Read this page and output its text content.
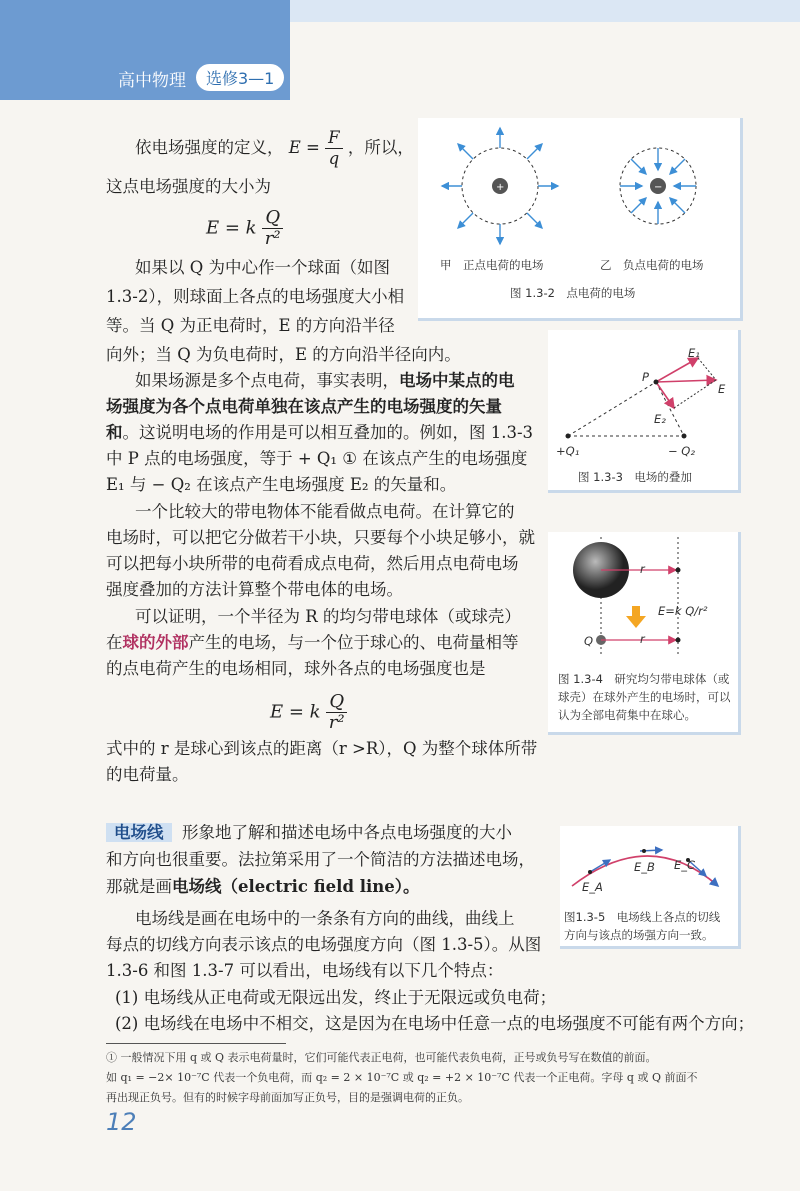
高中物理	选修3—1
依电场强度的定义， $E = \frac{F}{q}$ ，所以，
这点电场强度的大小为
E = k $\frac{Q}{\text{r²}}$
如果以 Q 为中心作一个球面（如图
1.3-2），则球面上各点的电场强度大小相
等。当 Q 为正电荷时，E 的方向沿半径
向外；当 Q 为负电荷时，E 的方向沿半径向内。
如果场源是多个点电荷，事实表明，电场中某点的电
场强度为各个点电荷单独在该点产生的电场强度的矢量
和。这说明电场的作用是可以相互叠加的。例如，图 1.3-3
中 P 点的电场强度，等于 + Q₁ ① 在该点产生的电场强度
E₁ 与 − Q₂ 在该点产生电场强度 E₂ 的矢量和。
一个比较大的带电物体不能看做点电荷。在计算它的
电场时，可以把它分做若干小块，只要每个小块足够小，就
可以把每小块所带的电荷看成点电荷，然后用点电荷电场
强度叠加的方法计算整个带电体的电场。
可以证明，一个半径为 R 的均匀带电球体（或球壳）
在球的外部产生的电场，与一个位于球心的、电荷量相等
的点电荷产生的电场相同，球外各点的电场强度也是
E = k $\frac{Q}{\text{r²}}$
式中的 r 是球心到该点的距离（r >R），Q 为整个球体所带
的电荷量。
电场线 形象地了解和描述电场中各点电场强度的大小
和方向也很重要。法拉第采用了一个简洁的方法描述电场，
那就是画电场线（electric field line）。
电场线是画在电场中的一条条有方向的曲线，曲线上
每点的切线方向表示该点的电场强度方向（图 1.3-5）。从图
1.3-6 和图 1.3-7 可以看出，电场线有以下几个特点：
(1) 电场线从正电荷或无限远出发，终止于无限远或负电荷；
(2) 电场线在电场中不相交，这是因为在电场中任意一点的电场强度不可能有两个方向；
+	−
甲　正点电荷的电场	乙　负点电荷的电场
图 1.3-2　点电荷的电场
P
E
E₁
E₂
+Q₁	− Q₂
图 1.3-3　电场的叠加
r
r
Q
E=k Q/r²
图 1.3-4　研究均匀带电球体（或
球壳）在球外产生的电场时，可以
认为全部电荷集中在球心。
E_A
E_B E_C
图1.3-5　电场线上各点的切线
方向与该点的场强方向一致。
① 一般情况下用 q 或 Q 表示电荷量时，它们可能代表正电荷，也可能代表负电荷，正号或负号写在数值的前面。
如 q₁ = −2× 10⁻⁷C 代表一个负电荷，而 q₂ = 2 × 10⁻⁷C 或 q₂ = +2 × 10⁻⁷C 代表一个正电荷。字母 q 或 Q 前面不
再出现正负号。但有的时候字母前面加写正负号，目的是强调电荷的正负。
12
